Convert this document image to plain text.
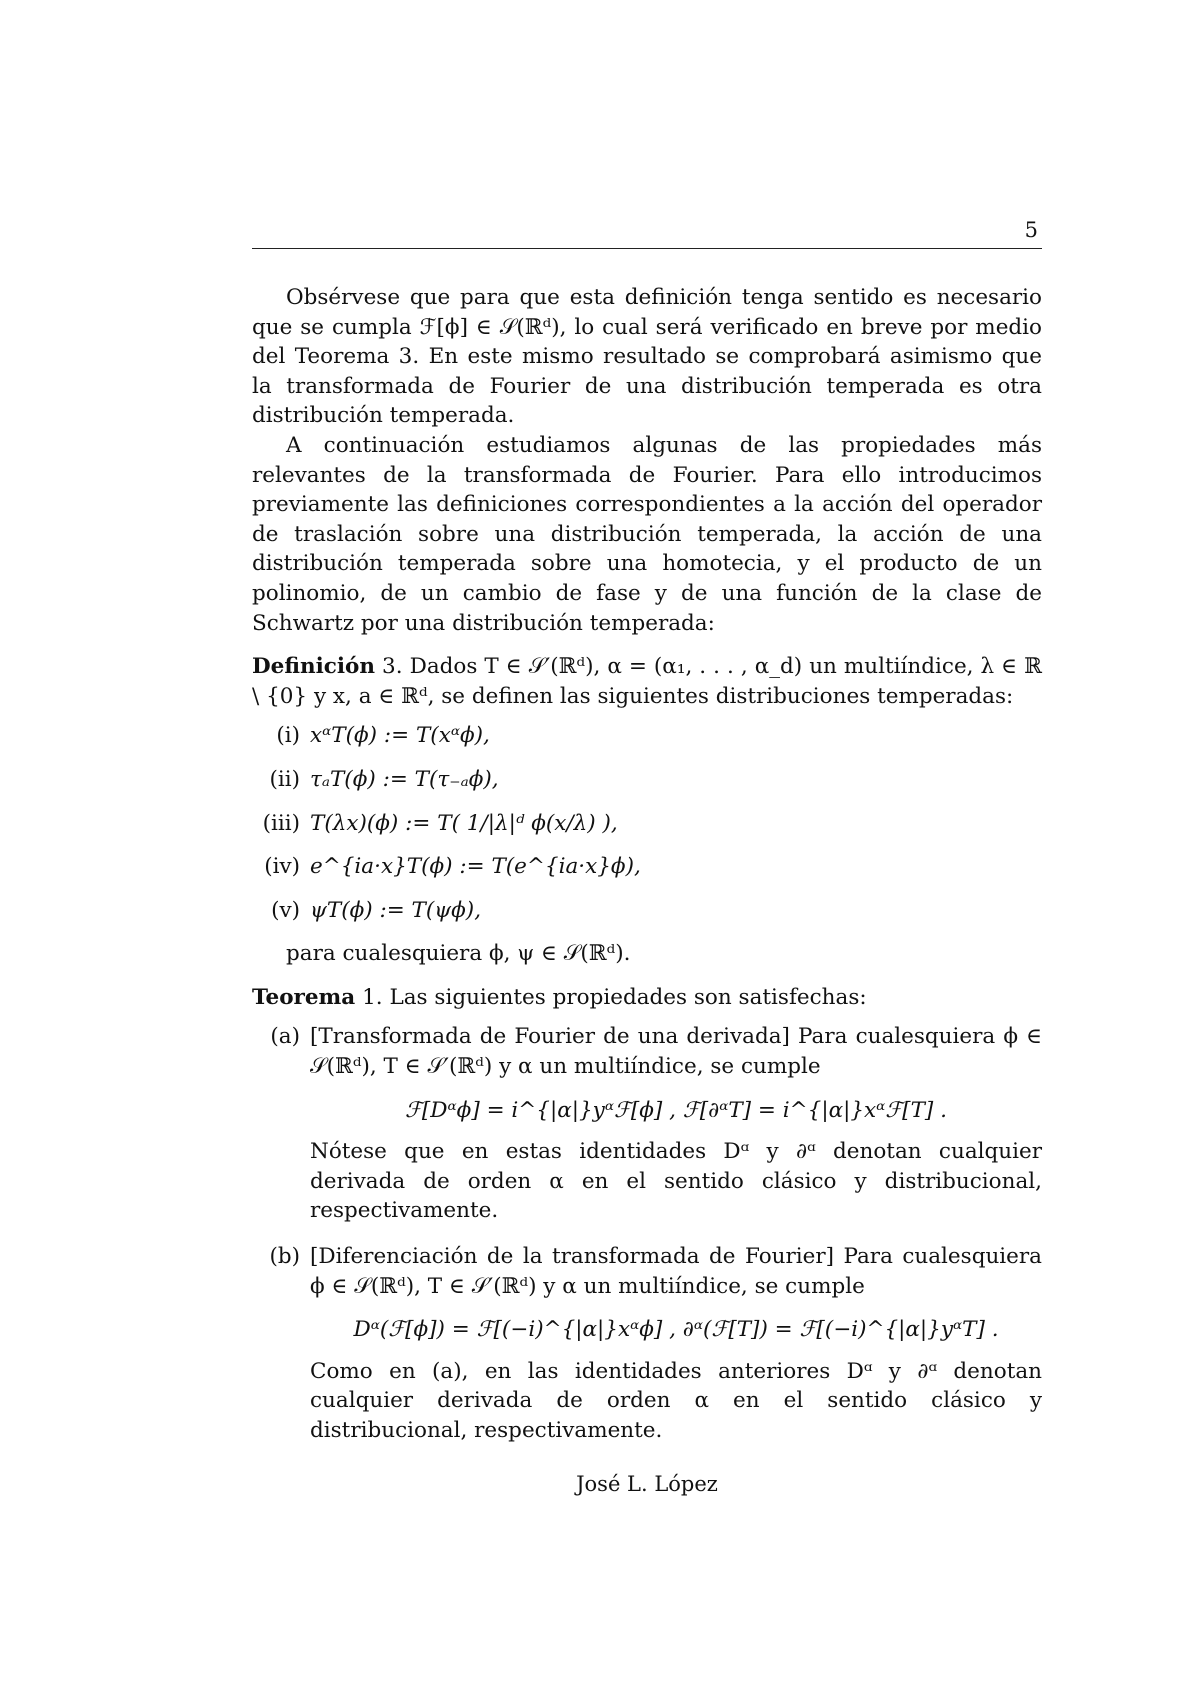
5

Obsérvese que para que esta definición tenga sentido es necesario que se cumpla ℱ[ϕ] ∈ 𝒮(ℝᵈ), lo cual será verificado en breve por medio del Teorema 3. En este mismo resultado se comprobará asimismo que la transformada de Fourier de una distribución temperada es otra distribución temperada.

A continuación estudiamos algunas de las propiedades más relevantes de la transformada de Fourier. Para ello introducimos previamente las definiciones correspondientes a la acción del operador de traslación sobre una distribución temperada, la acción de una distribución temperada sobre una homotecia, y el producto de un polinomio, de un cambio de fase y de una función de la clase de Schwartz por una distribución temperada:

Definición 3. Dados T ∈ 𝒮′(ℝᵈ), α = (α₁, . . . , α_d) un multiíndice, λ ∈ ℝ \ {0} y x, a ∈ ℝᵈ, se definen las siguientes distribuciones temperadas:

(i) xᵅT(ϕ) := T(xᵅϕ),
(ii) τₐT(ϕ) := T(τ₋ₐϕ),
(iii) T(λx)(ϕ) := T( 1/|λ|ᵈ ϕ(x/λ) ),
(iv) e^{ia·x}T(ϕ) := T(e^{ia·x}ϕ),
(v) ψT(ϕ) := T(ψϕ),

para cualesquiera ϕ, ψ ∈ 𝒮(ℝᵈ).

Teorema 1. Las siguientes propiedades son satisfechas:

(a) [Transformada de Fourier de una derivada] Para cualesquiera ϕ ∈ 𝒮(ℝᵈ), T ∈ 𝒮′(ℝᵈ) y α un multiíndice, se cumple

ℱ[Dᵅϕ] = i^{|α|}yᵅℱ[ϕ] , ℱ[∂ᵅT] = i^{|α|}xᵅℱ[T] .

Nótese que en estas identidades Dᵅ y ∂ᵅ denotan cualquier derivada de orden α en el sentido clásico y distribucional, respectivamente.

(b) [Diferenciación de la transformada de Fourier] Para cualesquiera ϕ ∈ 𝒮(ℝᵈ), T ∈ 𝒮′(ℝᵈ) y α un multiíndice, se cumple

Dᵅ(ℱ[ϕ]) = ℱ[(−i)^{|α|}xᵅϕ] , ∂ᵅ(ℱ[T]) = ℱ[(−i)^{|α|}yᵅT] .

Como en (a), en las identidades anteriores Dᵅ y ∂ᵅ denotan cualquier derivada de orden α en el sentido clásico y distribucional, respectivamente.

José L. López
